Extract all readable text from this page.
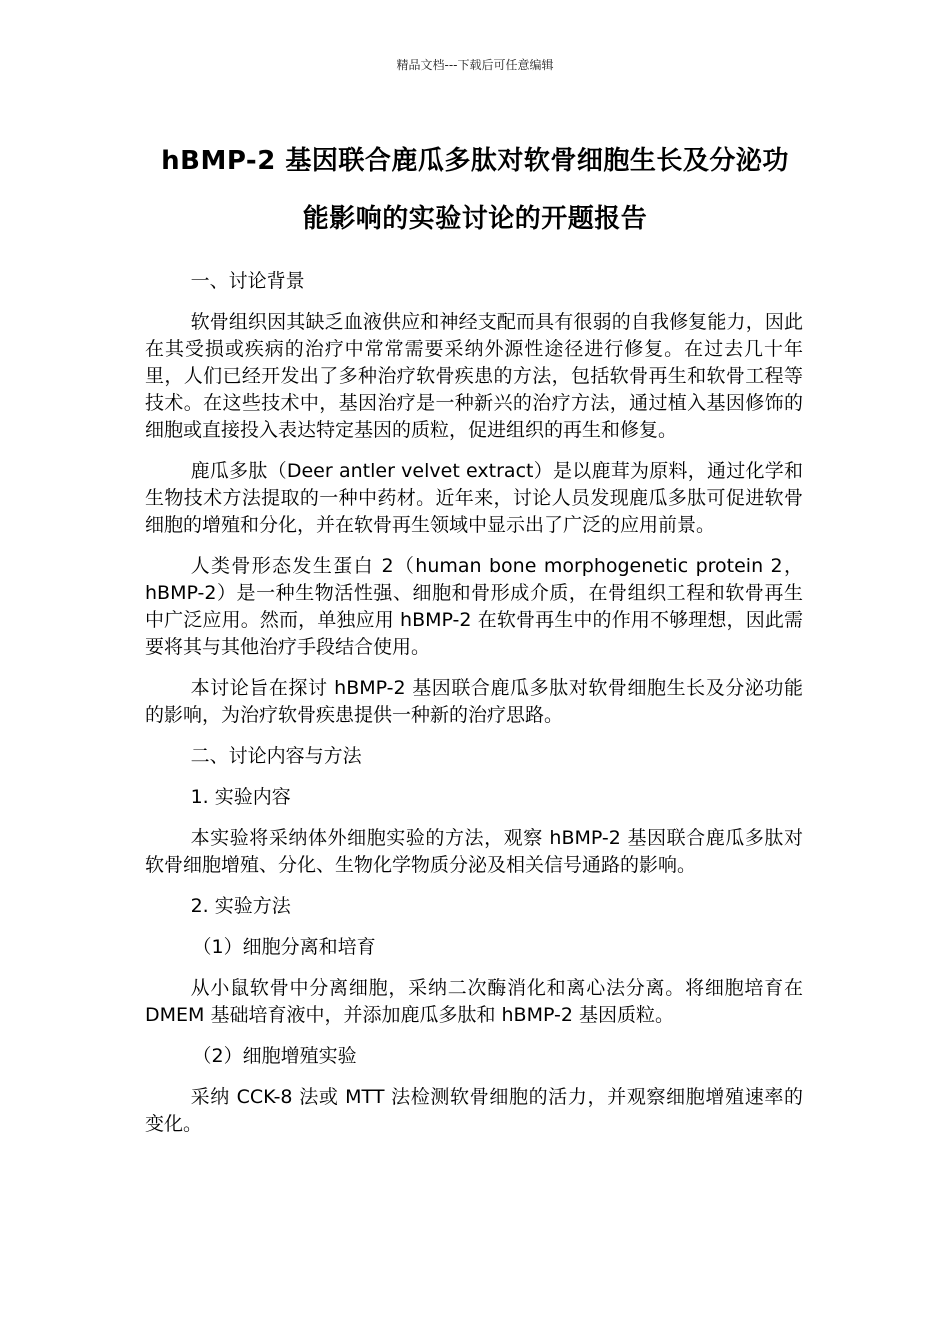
精品文档---下载后可任意编辑
hBMP-2 基因联合鹿瓜多肽对软骨细胞生长及分泌功
能影响的实验讨论的开题报告

一、讨论背景

软骨组织因其缺乏血液供应和神经支配而具有很弱的自我修复能力，因此在其受损或疾病的治疗中常常需要采纳外源性途径进行修复。在过去几十年里，人们已经开发出了多种治疗软骨疾患的方法，包括软骨再生和软骨工程等技术。在这些技术中，基因治疗是一种新兴的治疗方法，通过植入基因修饰的细胞或直接投入表达特定基因的质粒，促进组织的再生和修复。

鹿瓜多肽（Deer antler velvet extract）是以鹿茸为原料，通过化学和生物技术方法提取的一种中药材。近年来，讨论人员发现鹿瓜多肽可促进软骨细胞的增殖和分化，并在软骨再生领域中显示出了广泛的应用前景。

人类骨形态发生蛋白 2（human bone morphogenetic protein 2，hBMP-2）是一种生物活性强、细胞和骨形成介质，在骨组织工程和软骨再生中广泛应用。然而，单独应用 hBMP-2 在软骨再生中的作用不够理想，因此需要将其与其他治疗手段结合使用。

本讨论旨在探讨 hBMP-2 基因联合鹿瓜多肽对软骨细胞生长及分泌功能的影响，为治疗软骨疾患提供一种新的治疗思路。

二、讨论内容与方法

1. 实验内容

本实验将采纳体外细胞实验的方法，观察 hBMP-2 基因联合鹿瓜多肽对软骨细胞增殖、分化、生物化学物质分泌及相关信号通路的影响。

2. 实验方法

（1）细胞分离和培育

从小鼠软骨中分离细胞，采纳二次酶消化和离心法分离。将细胞培育在 DMEM 基础培育液中，并添加鹿瓜多肽和 hBMP-2 基因质粒。

（2）细胞增殖实验

采纳 CCK-8 法或 MTT 法检测软骨细胞的活力，并观察细胞增殖速率的变化。
